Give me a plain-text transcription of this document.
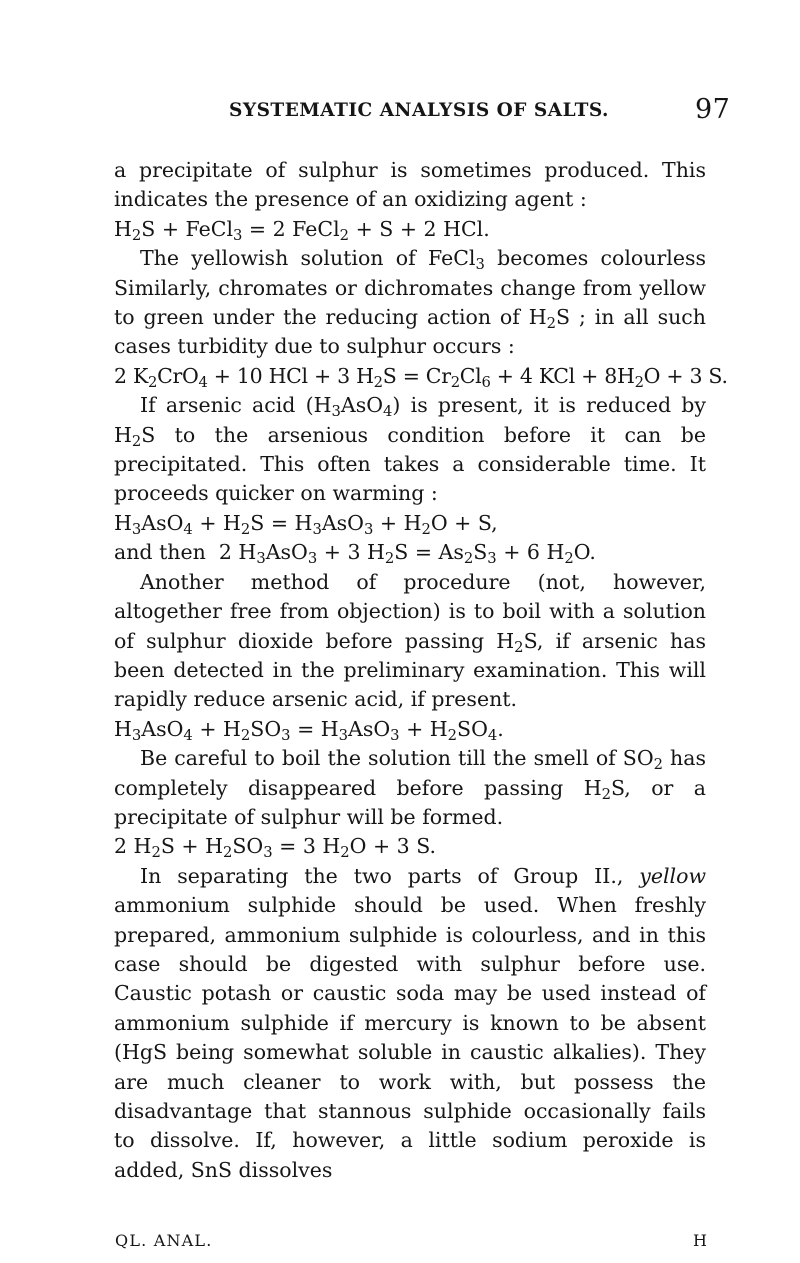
SYSTEMATIC ANALYSIS OF SALTS.	97

a precipitate of sulphur is sometimes produced. This indicates the presence of an oxidizing agent :

$H_2S$ + FeCl$_3$ = 2 FeCl$_2$ + S + 2 HCl.

The yellowish solution of FeCl$_3$ becomes colourless Similarly, chromates or dichromates change from yellow to green under the reducing action of $H_2S$ ; in all such cases turbidity due to sulphur occurs :

2 $K_2CrO_4 + 10$ HCl + 3 $H_2S = Cr_2Cl_6 + 4$ KCl + $8H_2O + 3$ S.

If arsenic acid $(H_3AsO_4)$ is present, it is reduced by $H_2S$ to the arsenious condition before it can be precipitated. This often takes a considerable time. It proceeds quicker on warming :

$H_3AsO_4 + H_2S = H_3AsO_3 + H_2O + S$,

and then  2 $H_3AsO_3 + 3$ $H_2S = As_2S_3 + 6$ $H_2O$.

Another method of procedure (not, however, altogether free from objection) is to boil with a solution of sulphur dioxide before passing $H_2S$, if arsenic has been detected in the preliminary examination. This will rapidly reduce arsenic acid, if present.

$H_3AsO_4 + H_2SO_3 = H_3AsO_3 + H_2SO_4$.

Be careful to boil the solution till the smell of $SO_2$ has completely disappeared before passing $H_2S$, or a precipitate of sulphur will be formed.

2 $H_2S + H_2SO_3 = 3$ $H_2O + 3$ S.

In separating the two parts of Group II., yellow ammonium sulphide should be used. When freshly prepared, ammonium sulphide is colourless, and in this case should be digested with sulphur before use. Caustic potash or caustic soda may be used instead of ammonium sulphide if mercury is known to be absent (HgS being somewhat soluble in caustic alkalies). They are much cleaner to work with, but possess the disadvantage that stannous sulphide occasionally fails to dissolve. If, however, a little sodium peroxide is added, SnS dissolves

QL. ANAL.	H
